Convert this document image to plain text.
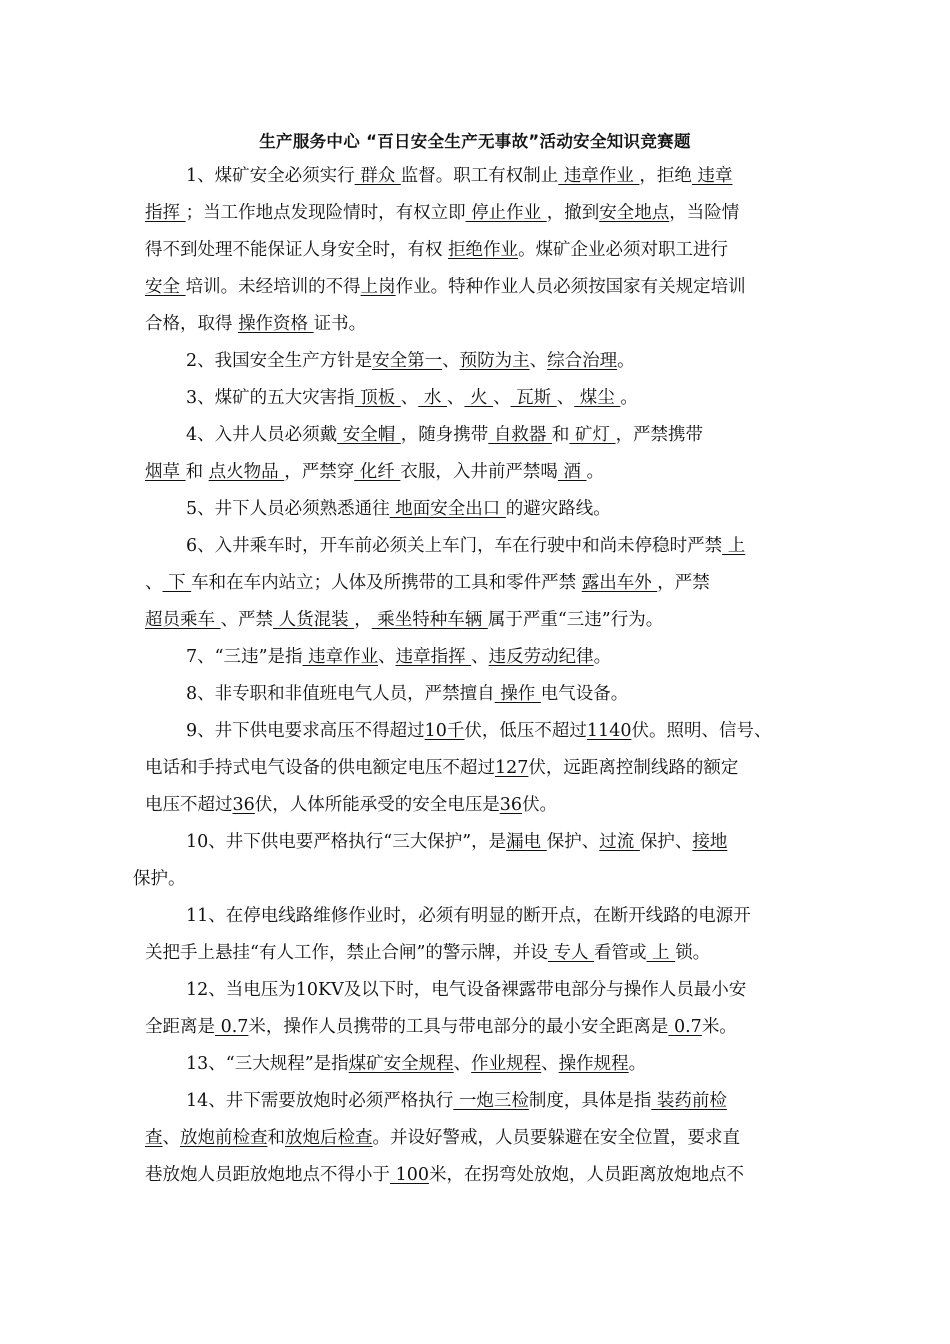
生产服务中心 “百日安全生产无事故”活动安全知识竞赛题
1、煤矿安全必须实行 群众 监督。职工有权制止 违章作业 ，拒绝 违章
指挥 ；当工作地点发现险情时，有权立即 停止作业 ，撤到安全地点，当险情
得不到处理不能保证人身安全时，有权 拒绝作业。煤矿企业必须对职工进行
安全 培训。未经培训的不得上岗作业。特种作业人员必须按国家有关规定培训
合格，取得 操作资格 证书。
2、我国安全生产方针是安全第一、预防为主、综合治理。
3、煤矿的五大灾害指 顶板 、 水 、 火 、 瓦斯 、 煤尘 。
4、入井人员必须戴 安全帽 ，随身携带 自救器 和 矿灯 ，严禁携带
烟草 和 点火物品 ，严禁穿 化纤 衣服，入井前严禁喝 酒 。
5、井下人员必须熟悉通往 地面安全出口 的避灾路线。
6、入井乘车时，开车前必须关上车门，车在行驶中和尚未停稳时严禁 上
、 下 车和在车内站立；人体及所携带的工具和零件严禁 露出车外 ，严禁
超员乘车 、严禁 人货混装 ， 乘坐特种车辆 属于严重“三违”行为。
7、“三违”是指 违章作业、违章指挥 、违反劳动纪律。
8、非专职和非值班电气人员，严禁擅自 操作 电气设备。
9、井下供电要求高压不得超过10千伏，低压不超过1140伏。照明、信号、
电话和手持式电气设备的供电额定电压不超过127伏，远距离控制线路的额定
电压不超过36伏，人体所能承受的安全电压是36伏。
10、井下供电要严格执行“三大保护”，是漏电 保护、过流 保护、接地
保护。
11、在停电线路维修作业时，必须有明显的断开点，在断开线路的电源开
关把手上悬挂“有人工作，禁止合闸”的警示牌，并设 专人 看管或 上 锁。
12、当电压为10KV及以下时，电气设备裸露带电部分与操作人员最小安
全距离是 0.7米，操作人员携带的工具与带电部分的最小安全距离是 0.7米。
13、“三大规程”是指煤矿安全规程、作业规程、操作规程。
14、井下需要放炮时必须严格执行 一炮三检制度，具体是指 装药前检
查、放炮前检查和放炮后检查。并设好警戒，人员要躲避在安全位置，要求直
巷放炮人员距放炮地点不得小于 100米，在拐弯处放炮，人员距离放炮地点不
